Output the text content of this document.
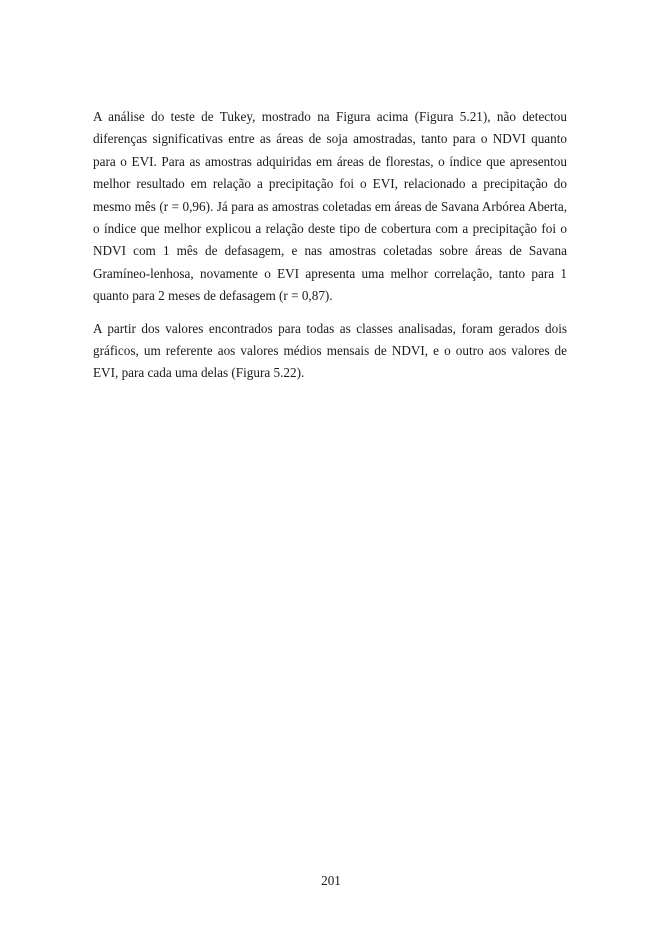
A análise do teste de Tukey, mostrado na Figura acima (Figura 5.21), não detectou diferenças significativas entre as áreas de soja amostradas, tanto para o NDVI quanto para o EVI. Para as amostras adquiridas em áreas de florestas, o índice que apresentou melhor resultado em relação a precipitação foi o EVI, relacionado a precipitação do mesmo mês (r = 0,96). Já para as amostras coletadas em áreas de Savana Arbórea Aberta, o índice que melhor explicou a relação deste tipo de cobertura com a precipitação foi o NDVI com 1 mês de defasagem, e nas amostras coletadas sobre áreas de Savana Gramíneo-lenhosa, novamente o EVI apresenta uma melhor correlação, tanto para 1 quanto para 2 meses de defasagem (r = 0,87).

A partir dos valores encontrados para todas as classes analisadas, foram gerados dois gráficos, um referente aos valores médios mensais de NDVI, e o outro aos valores de EVI, para cada uma delas (Figura 5.22).

201
